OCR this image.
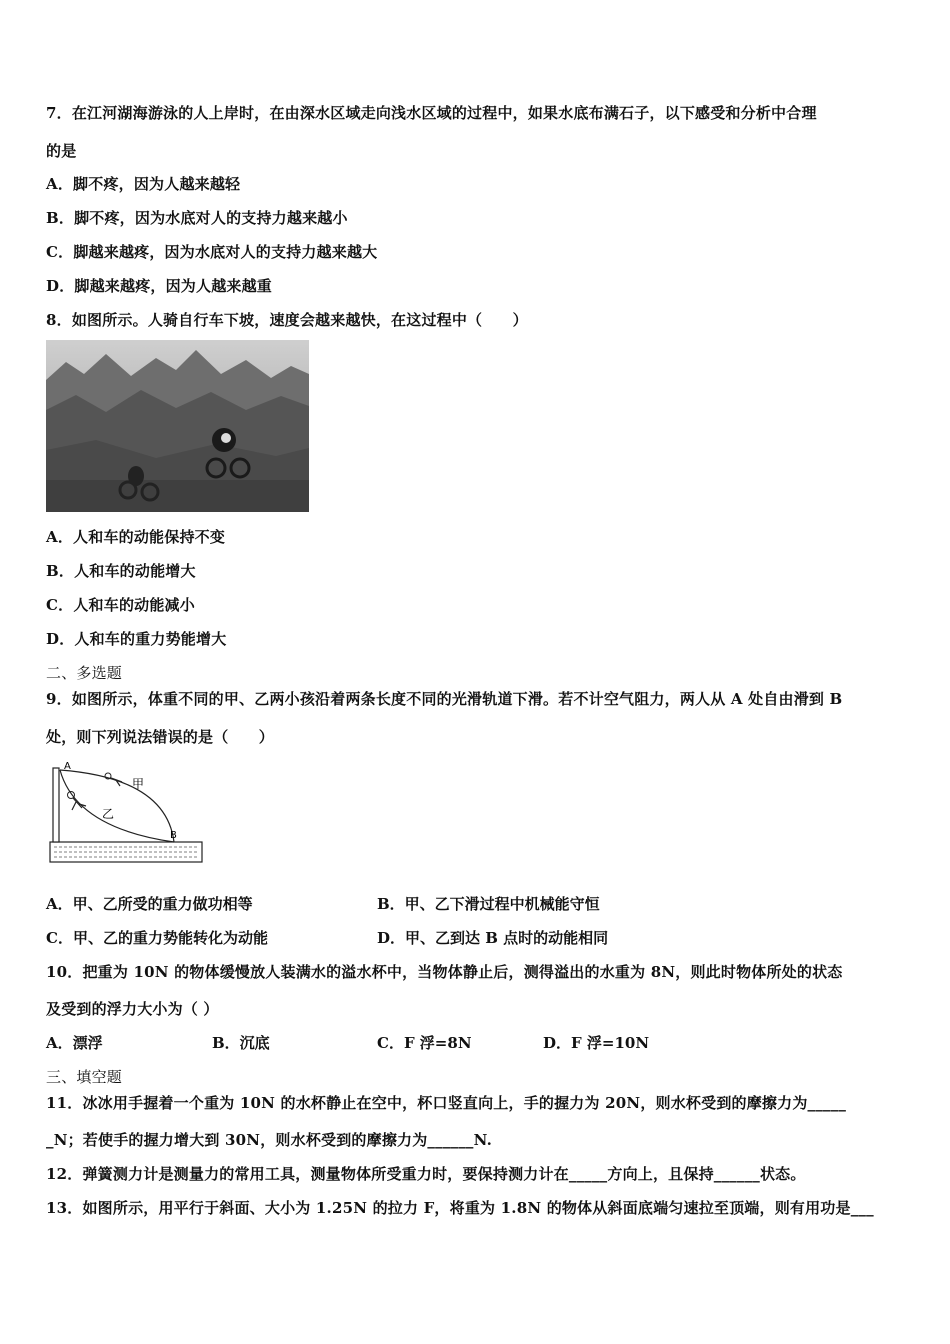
7．在江河湖海游泳的人上岸时，在由深水区域走向浅水区域的过程中，如果水底布满石子，以下感受和分析中合理
的是
A．脚不疼，因为人越来越轻
B．脚不疼，因为水底对人的支持力越来越小
C．脚越来越疼，因为水底对人的支持力越来越大
D．脚越来越疼，因为人越来越重
8．如图所示。人骑自行车下坡，速度会越来越快，在这过程中（　　）
A．人和车的动能保持不变
B．人和车的动能增大
C．人和车的动能减小
D．人和车的重力势能增大
二、多选题
9．如图所示，体重不同的甲、乙两小孩沿着两条长度不同的光滑轨道下滑。若不计空气阻力，两人从 A 处自由滑到 B
处，则下列说法错误的是（　　）
A
B
甲
乙
A．甲、乙所受的重力做功相等	B．甲、乙下滑过程中机械能守恒
C．甲、乙的重力势能转化为动能	D．甲、乙到达 B 点时的动能相同
10．把重为 10N 的物体缓慢放人装满水的溢水杯中，当物体静止后，测得溢出的水重为 8N，则此时物体所处的状态
及受到的浮力大小为（ ）
A．漂浮	B．沉底	C．F 浮=8N	D．F 浮=10N
三、填空题
11．冰冰用手握着一个重为 10N 的水杯静止在空中，杯口竖直向上，手的握力为 20N，则水杯受到的摩擦力为_____
_N；若使手的握力增大到 30N，则水杯受到的摩擦力为______N.
12．弹簧测力计是测量力的常用工具，测量物体所受重力时，要保持测力计在_____方向上，且保持______状态。
13．如图所示，用平行于斜面、大小为 1.25N 的拉力 F，将重为 1.8N 的物体从斜面底端匀速拉至顶端，则有用功是___
